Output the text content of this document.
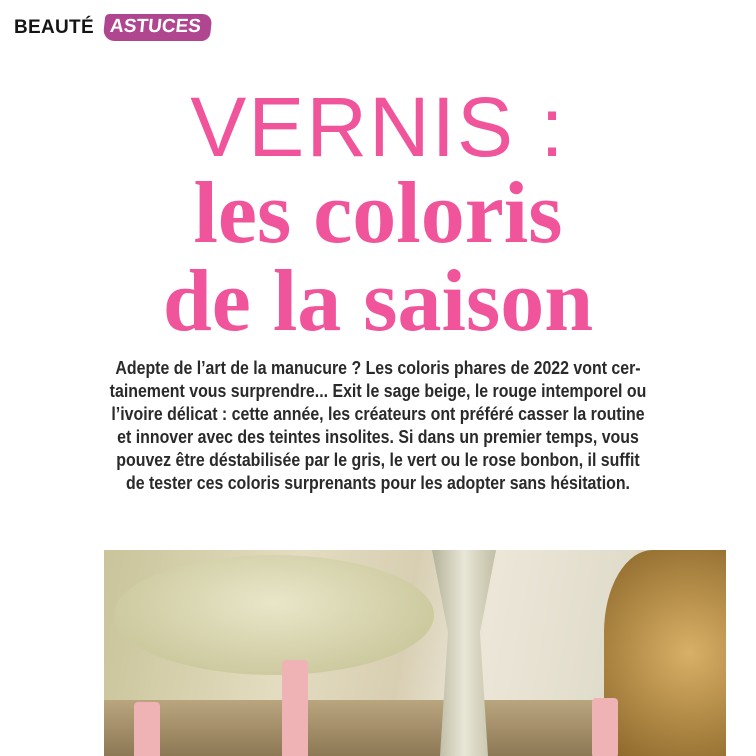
BEAUTÉ ASTUCES
VERNIS :
les coloris
de la saison
Adepte de l’art de la manucure ? Les coloris phares de 2022 vont cer-
tainement vous surprendre... Exit le sage beige, le rouge intemporel ou
l’ivoire délicat : cette année, les créateurs ont préféré casser la routine
et innover avec des teintes insolites. Si dans un premier temps, vous
pouvez être déstabilisée par le gris, le vert ou le rose bonbon, il suffit
de tester ces coloris surprenants pour les adopter sans hésitation.
